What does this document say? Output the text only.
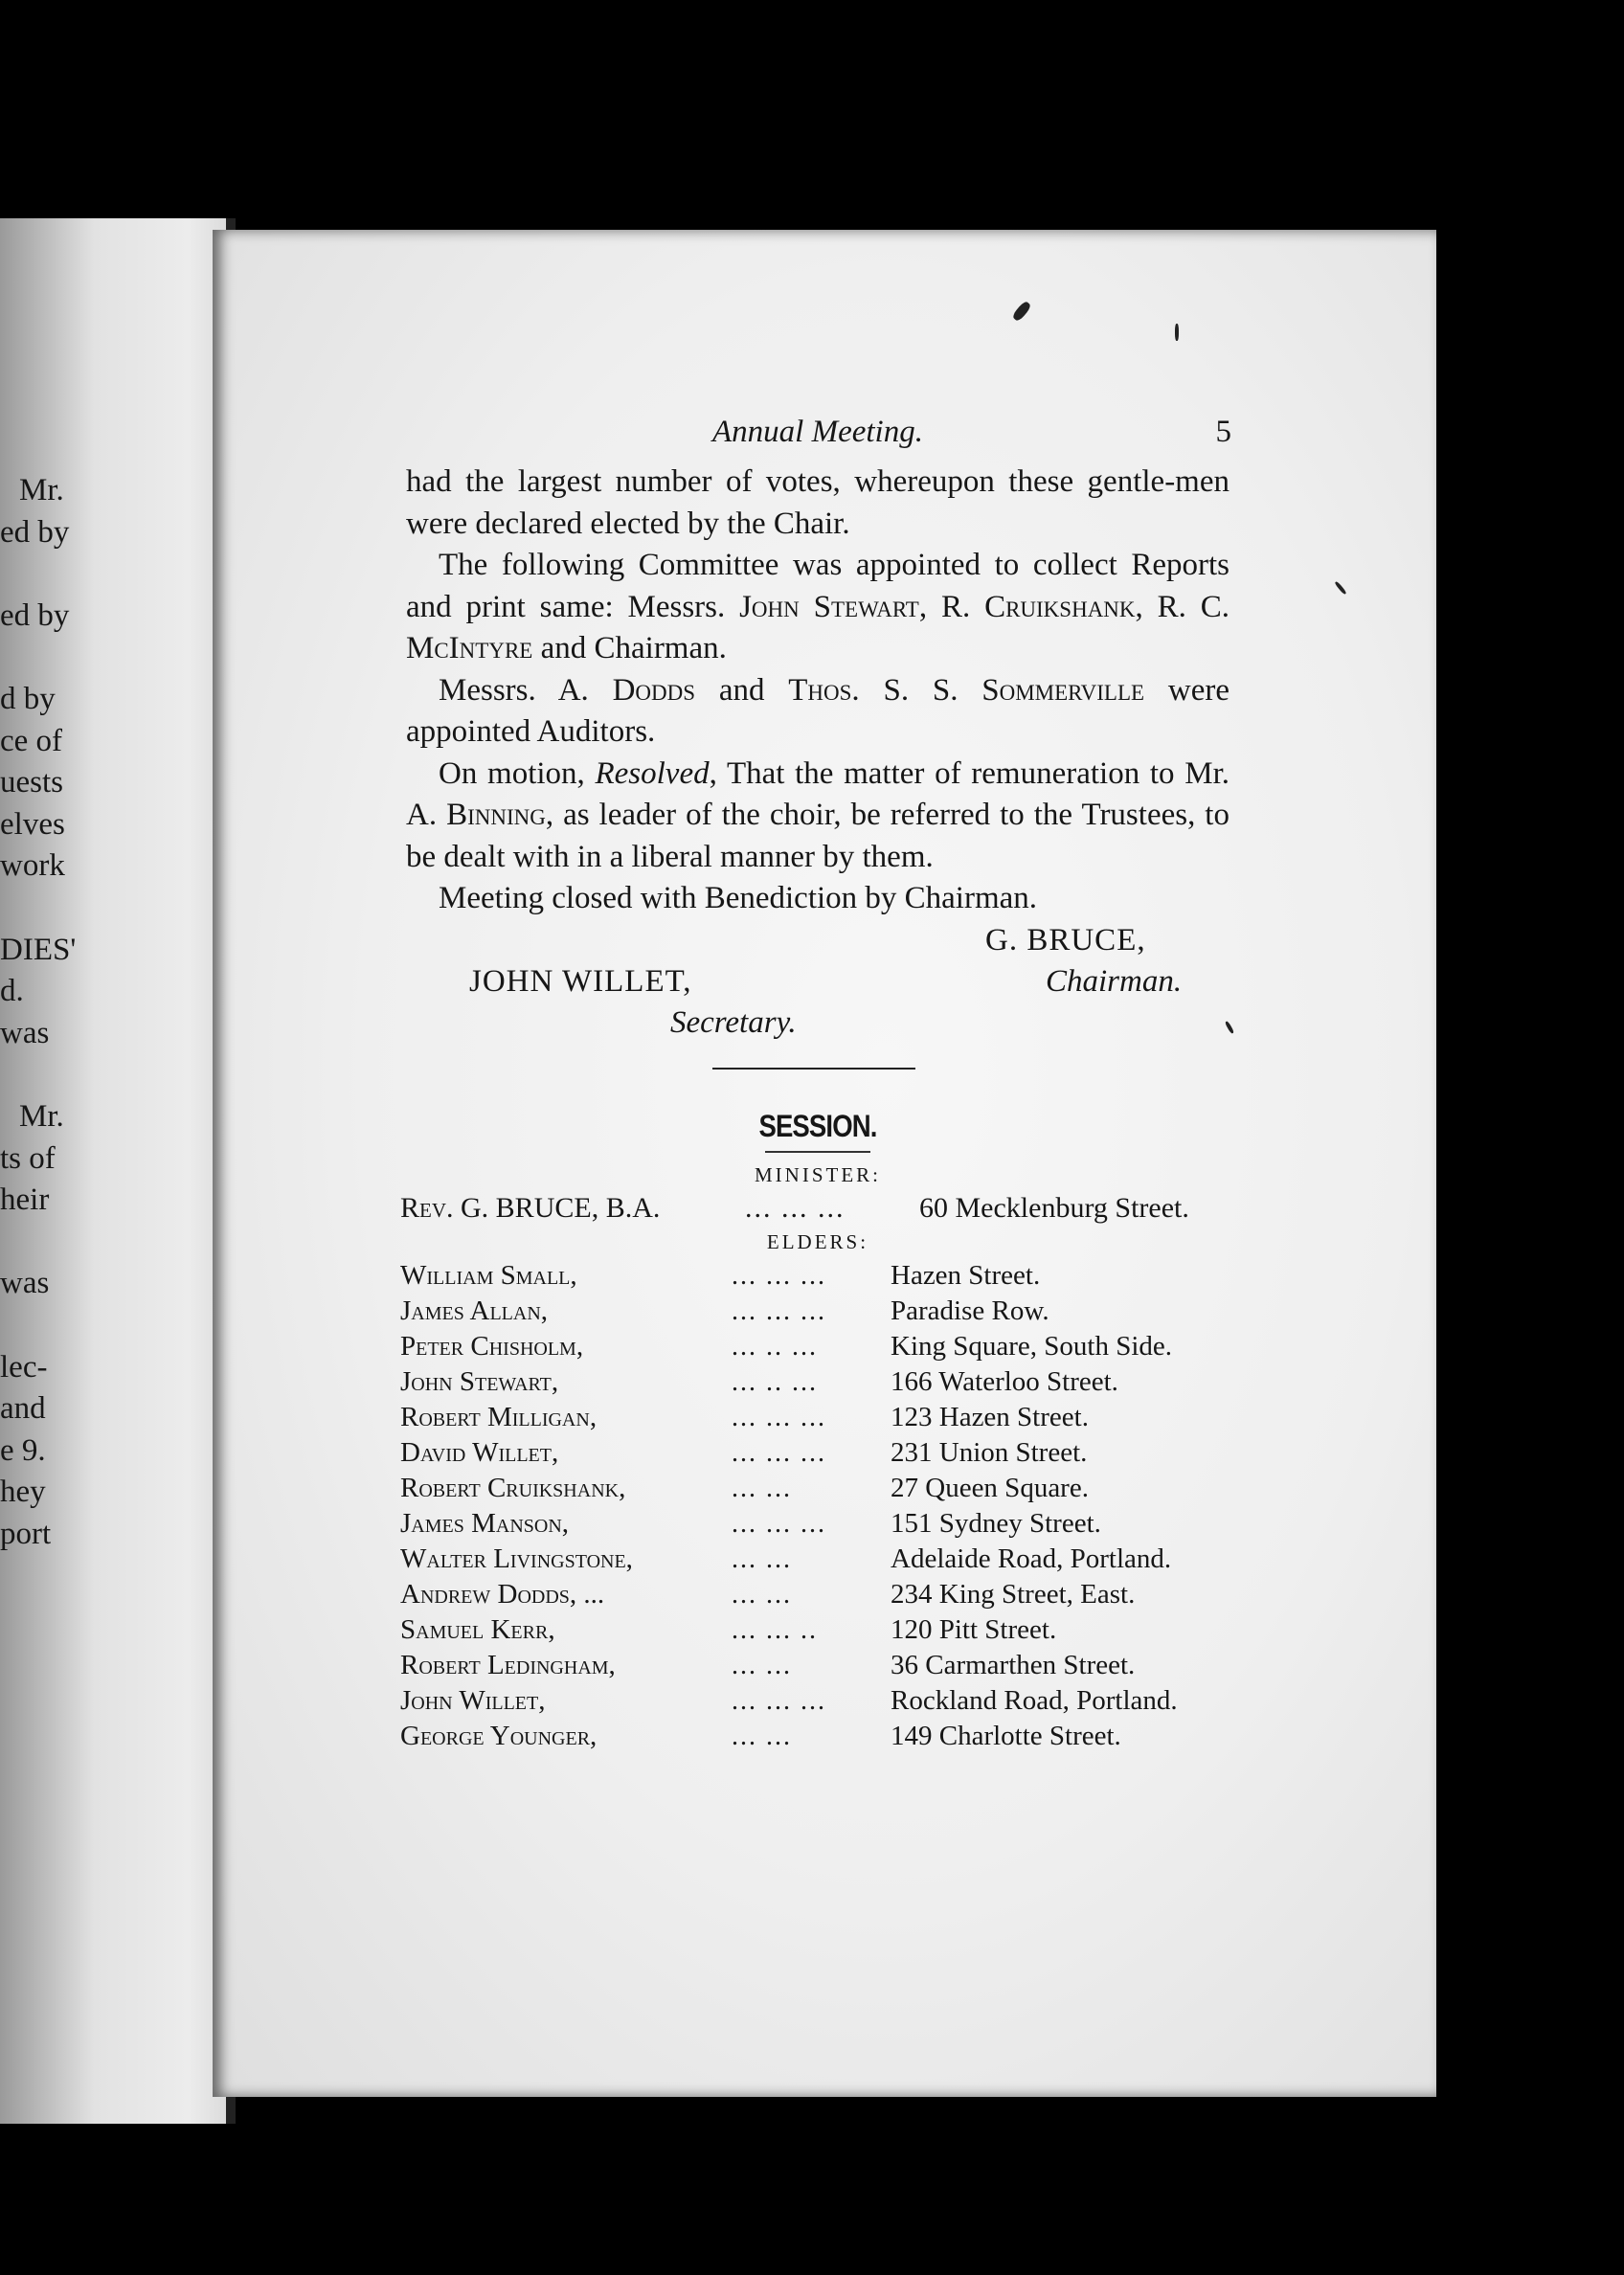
Mr.
ed by
ed by
d by
ce of
uests
elves
work
DIES'
d.
was
Mr.
ts of
heir
was
lec-
and
e 9.
hey
port
Annual Meeting.	5

had the largest number of votes, whereupon these gentle-men were declared elected by the Chair.

The following Committee was appointed to collect Reports and print same: Messrs. John Stewart, R. Cruikshank, R. C. McIntyre and Chairman.

Messrs. A. Dodds and Thos. S. S. Sommerville were appointed Auditors.

On motion, Resolved, That the matter of remuneration to Mr. A. Binning, as leader of the choir, be referred to the Trustees, to be dealt with in a liberal manner by them.

Meeting closed with Benediction by Chairman.

G. BRUCE,
Chairman.
JOHN WILLET,
Secretary.
SESSION.
MINISTER:
Rev. G. BRUCE, B.A.	... ... ...	60 Mecklenburg Street.
ELDERS:
William Small,	... ... ...	Hazen Street.
James Allan,	... ... ...	Paradise Row.
Peter Chisholm,	... .. ...	King Square, South Side.
John Stewart,	... .. ...	166 Waterloo Street.
Robert Milligan,	... ... ...	123 Hazen Street.
David Willet,	... ... ...	231 Union Street.
Robert Cruikshank,	... ...	27 Queen Square.
James Manson,	... ... ...	151 Sydney Street.
Walter Livingstone,	... ...	Adelaide Road, Portland.
Andrew Dodds, ...	... ...	234 King Street, East.
Samuel Kerr,	... ... ..	120 Pitt Street.
Robert Ledingham,	... ...	36 Carmarthen Street.
John Willet,	... ... ...	Rockland Road, Portland.
George Younger,	... ...	149 Charlotte Street.
